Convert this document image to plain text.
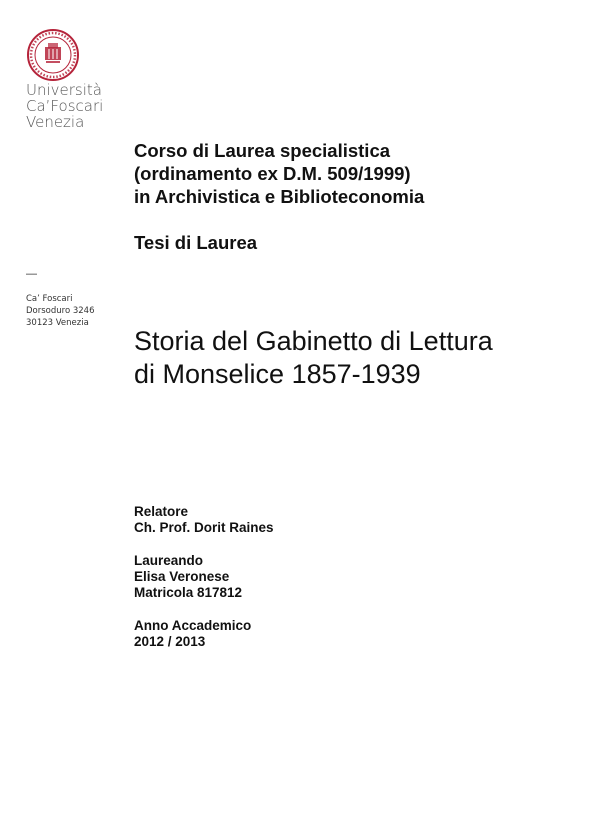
Università
Ca’Foscari
Venezia
—
Ca’ Foscari
Dorsoduro 3246
30123 Venezia
Corso di Laurea specialistica
(ordinamento ex D.M. 509/1999)
in Archivistica e Biblioteconomia
Tesi di Laurea
Storia del Gabinetto di Lettura
di Monselice 1857-1939
Relatore
Ch. Prof. Dorit Raines
Laureando
Elisa Veronese
Matricola 817812
Anno Accademico
2012 / 2013
